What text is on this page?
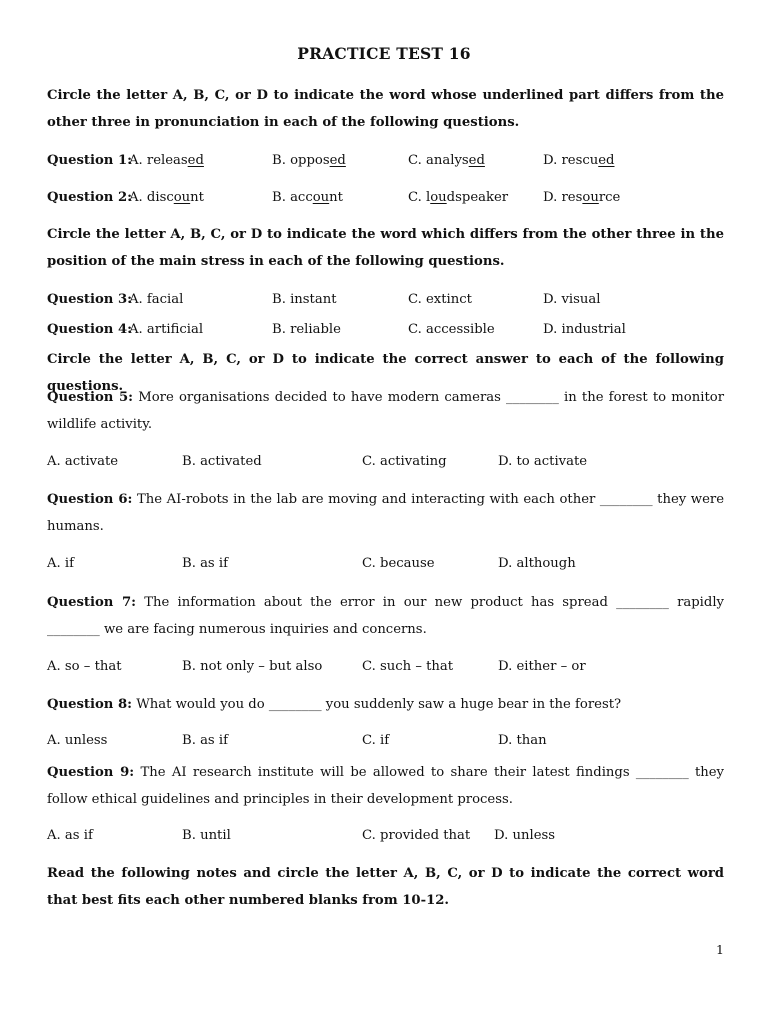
PRACTICE TEST 16
Circle the letter A, B, C, or D to indicate the word whose underlined part differs from the other three in pronunciation in each of the following questions.
Question 1:
A. released	B. opposed	C. analysed	D. rescued
Question 2:
A. discount	B. account	C. loudspeaker	D. resource
Circle the letter A, B, C, or D to indicate the word which differs from the other three in the position of the main stress in each of the following questions.
Question 3:
A. facial	B. instant	C. extinct	D. visual
Question 4:
A. artificial	B. reliable	C. accessible	D. industrial
Circle the letter A, B, C, or D to indicate the correct answer to each of the following questions.
Question 5: More organisations decided to have modern cameras ________ in the forest to monitor wildlife activity.
A. activate	B. activated	C. activating	D. to activate
Question 6: The AI-robots in the lab are moving and interacting with each other ________ they were humans.
A. if	B. as if	C. because	D. although
Question 7: The information about the error in our new product has spread ________ rapidly ________ we are facing numerous inquiries and concerns.
A. so – that	B. not only – but also	C. such – that	D. either – or
Question 8: What would you do ________ you suddenly saw a huge bear in the forest?
A. unless	B. as if	C. if	D. than
Question 9: The AI research institute will be allowed to share their latest findings ________ they follow ethical guidelines and principles in their development process.
A. as if	B. until	C. provided that D. unless
Read the following notes and circle the letter A, B, C, or D to indicate the correct word that best fits each other numbered blanks from 10-12.
1
